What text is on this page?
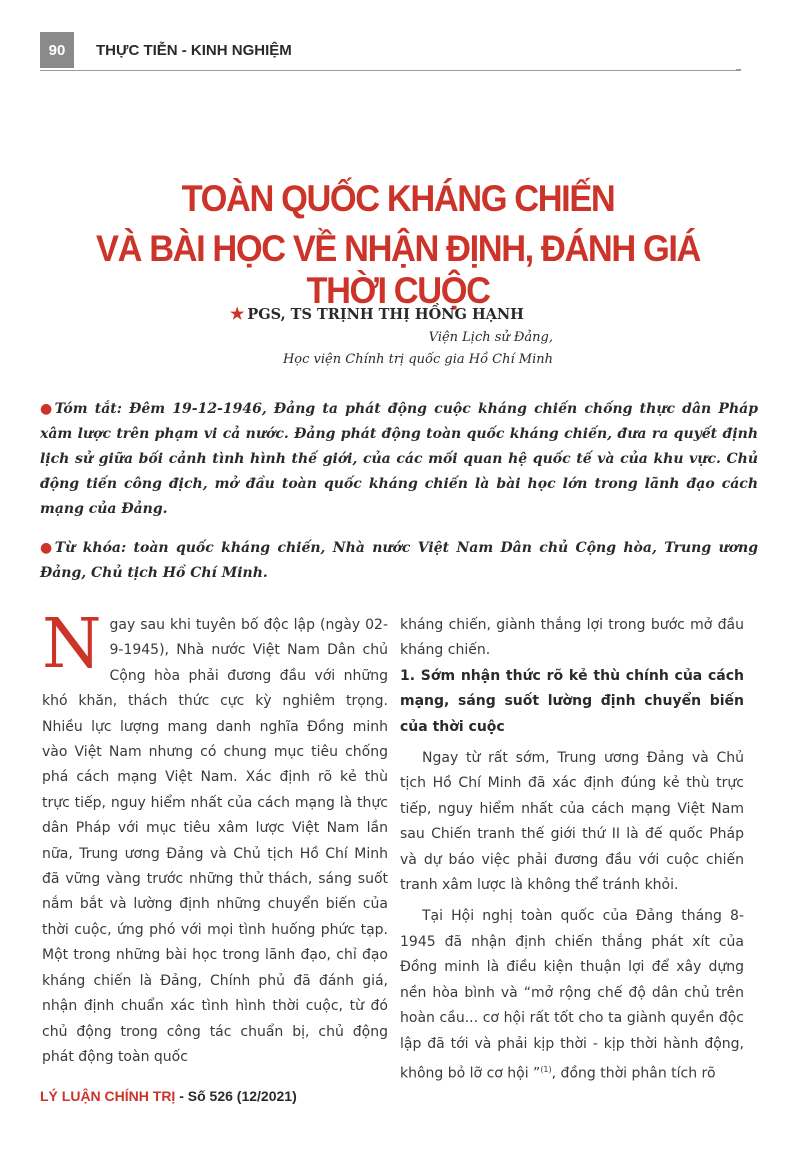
90	THỰC TIỄN - KINH NGHIỆM
TOÀN QUỐC KHÁNG CHIẾN
VÀ BÀI HỌC VỀ NHẬN ĐỊNH, ĐÁNH GIÁ THỜI CUỘC
★ PGS, TS TRỊNH THỊ HỒNG HẠNH
Viện Lịch sử Đảng,
Học viện Chính trị quốc gia Hồ Chí Minh
●Tóm tắt: Đêm 19-12-1946, Đảng ta phát động cuộc kháng chiến chống thực dân Pháp xâm lược trên phạm vi cả nước. Đảng phát động toàn quốc kháng chiến, đưa ra quyết định lịch sử giữa bối cảnh tình hình thế giới, của các mối quan hệ quốc tế và của khu vực. Chủ động tiến công địch, mở đầu toàn quốc kháng chiến là bài học lớn trong lãnh đạo cách mạng của Đảng.
●Từ khóa: toàn quốc kháng chiến, Nhà nước Việt Nam Dân chủ Cộng hòa, Trung ương Đảng, Chủ tịch Hồ Chí Minh.

Ngay sau khi tuyên bố độc lập (ngày 02-9-1945), Nhà nước Việt Nam Dân chủ Cộng hòa phải đương đầu với những khó khăn, thách thức cực kỳ nghiêm trọng. Nhiều lực lượng mang danh nghĩa Đồng minh vào Việt Nam nhưng có chung mục tiêu chống phá cách mạng Việt Nam. Xác định rõ kẻ thù trực tiếp, nguy hiểm nhất của cách mạng là thực dân Pháp với mục tiêu xâm lược Việt Nam lần nữa, Trung ương Đảng và Chủ tịch Hồ Chí Minh đã vững vàng trước những thử thách, sáng suốt nắm bắt và lường định những chuyển biến của thời cuộc, ứng phó với mọi tình huống phức tạp. Một trong những bài học trong lãnh đạo, chỉ đạo kháng chiến là Đảng, Chính phủ đã đánh giá, nhận định chuẩn xác tình hình thời cuộc, từ đó chủ động trong công tác chuẩn bị, chủ động phát động toàn quốc

kháng chiến, giành thắng lợi trong bước mở đầu kháng chiến.

1. Sớm nhận thức rõ kẻ thù chính của cách mạng, sáng suốt lường định chuyển biến của thời cuộc

Ngay từ rất sớm, Trung ương Đảng và Chủ tịch Hồ Chí Minh đã xác định đúng kẻ thù trực tiếp, nguy hiểm nhất của cách mạng Việt Nam sau Chiến tranh thế giới thứ II là đế quốc Pháp và dự báo việc phải đương đầu với cuộc chiến tranh xâm lược là không thể tránh khỏi.

Tại Hội nghị toàn quốc của Đảng tháng 8-1945 đã nhận định chiến thắng phát xít của Đồng minh là điều kiện thuận lợi để xây dựng nền hòa bình và “mở rộng chế độ dân chủ trên hoàn cầu... cơ hội rất tốt cho ta giành quyền độc lập đã tới và phải kịp thời - kịp thời hành động, không bỏ lỡ cơ hội ”$^{(1)}$, đồng thời phân tích rõ

LÝ LUẬN CHÍNH TRỊ - Số 526 (12/2021)
